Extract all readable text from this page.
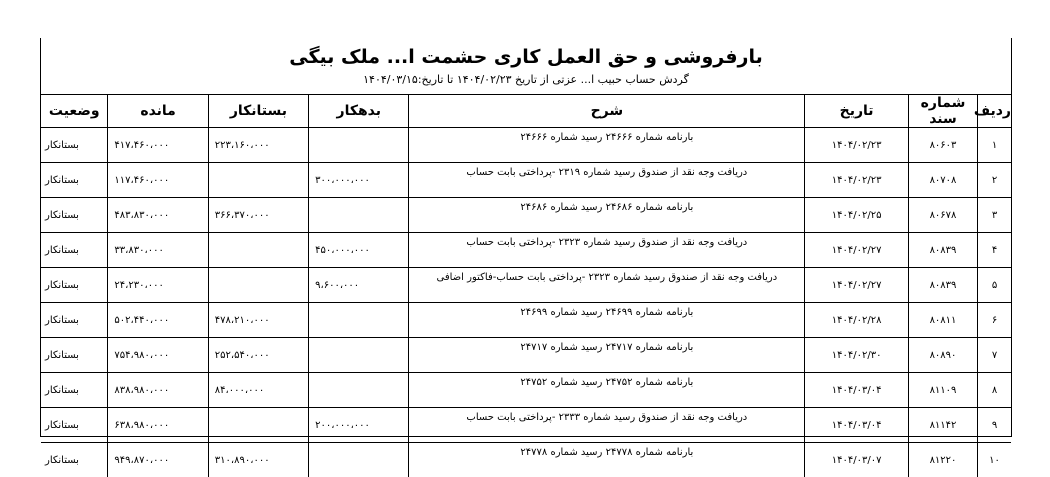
بارفروشی و حق العمل کاری حشمت ا... ملک بیگی
گردش حساب حبیب ا... عزتی از تاریخ ۱۴۰۴/۰۲/۲۳ تا تاریخ:۱۴۰۴/۰۳/۱۵
ردیف	شماره سند	تاریخ	شرح	بدهکار	بستانکار	مانده	وضعیت
۱	۸۰۶۰۳	۱۴۰۴/۰۲/۲۳	بارنامه شماره ۲۴۶۶۶ رسید شماره ۲۴۶۶۶		۲۲۳،۱۶۰،۰۰۰	۴۱۷،۴۶۰،۰۰۰	بستانکار
۲	۸۰۷۰۸	۱۴۰۴/۰۲/۲۳	دریافت وجه نقد از صندوق رسید شماره ۲۳۱۹ -پرداختی بابت حساب	۳۰۰،۰۰۰،۰۰۰		۱۱۷،۴۶۰،۰۰۰	بستانکار
۳	۸۰۶۷۸	۱۴۰۴/۰۲/۲۵	بارنامه شماره ۲۴۶۸۶ رسید شماره ۲۴۶۸۶		۳۶۶،۳۷۰،۰۰۰	۴۸۳،۸۳۰،۰۰۰	بستانکار
۴	۸۰۸۳۹	۱۴۰۴/۰۲/۲۷	دریافت وجه نقد از صندوق رسید شماره ۲۳۲۳ -پرداختی بابت حساب	۴۵۰،۰۰۰،۰۰۰		۳۳،۸۳۰،۰۰۰	بستانکار
۵	۸۰۸۳۹	۱۴۰۴/۰۲/۲۷	دریافت وجه نقد از صندوق رسید شماره ۲۳۲۳ -پرداختی بابت حساب-فاکتور اضافی	۹،۶۰۰،۰۰۰		۲۴،۲۳۰،۰۰۰	بستانکار
۶	۸۰۸۱۱	۱۴۰۴/۰۲/۲۸	بارنامه شماره ۲۴۶۹۹ رسید شماره ۲۴۶۹۹		۴۷۸،۲۱۰،۰۰۰	۵۰۲،۴۴۰،۰۰۰	بستانکار
۷	۸۰۸۹۰	۱۴۰۴/۰۲/۳۰	بارنامه شماره ۲۴۷۱۷ رسید شماره ۲۴۷۱۷		۲۵۲،۵۴۰،۰۰۰	۷۵۴،۹۸۰،۰۰۰	بستانکار
۸	۸۱۱۰۹	۱۴۰۴/۰۳/۰۴	بارنامه شماره ۲۴۷۵۲ رسید شماره ۲۴۷۵۲		۸۴،۰۰۰،۰۰۰	۸۳۸،۹۸۰،۰۰۰	بستانکار
۹	۸۱۱۴۲	۱۴۰۴/۰۳/۰۴	دریافت وجه نقد از صندوق رسید شماره ۲۳۳۳ -پرداختی بابت حساب	۲۰۰،۰۰۰،۰۰۰		۶۳۸،۹۸۰،۰۰۰	بستانکار
۱۰	۸۱۲۲۰	۱۴۰۴/۰۳/۰۷	بارنامه شماره ۲۴۷۷۸ رسید شماره ۲۴۷۷۸		۳۱۰،۸۹۰،۰۰۰	۹۴۹،۸۷۰،۰۰۰	بستانکار
